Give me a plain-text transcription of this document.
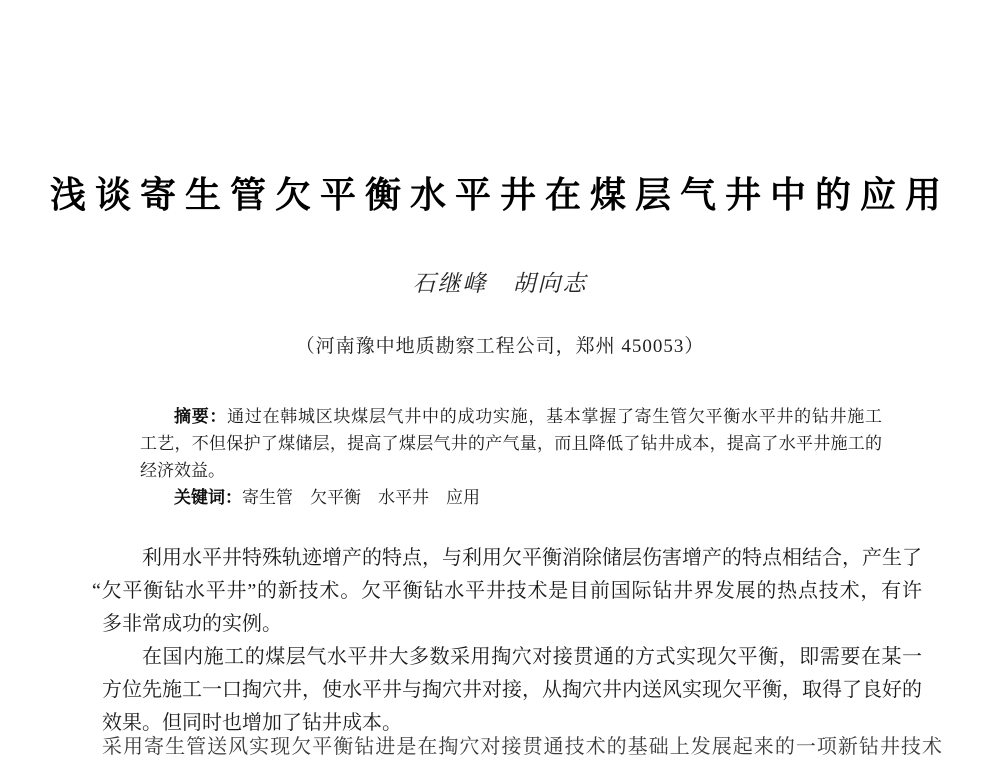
浅谈寄生管欠平衡水平井在煤层气井中的应用
石继峰　胡向志
（河南豫中地质勘察工程公司，郑州 450053）
摘要：通过在韩城区块煤层气井中的成功实施，基本掌握了寄生管欠平衡水平井的钻井施工
工艺，不但保护了煤储层，提高了煤层气井的产气量，而且降低了钻井成本，提高了水平井施工的
经济效益。
关键词：寄生管　欠平衡　水平井　应用
利用水平井特殊轨迹增产的特点，与利用欠平衡消除储层伤害增产的特点相结合，产生了
“欠平衡钻水平井”的新技术。欠平衡钻水平井技术是目前国际钻井界发展的热点技术，有许
多非常成功的实例。
在国内施工的煤层气水平井大多数采用掏穴对接贯通的方式实现欠平衡，即需要在某一
方位先施工一口掏穴井，使水平井与掏穴井对接，从掏穴井内送风实现欠平衡，取得了良好的
效果。但同时也增加了钻井成本。
采用寄生管送风实现欠平衡钻进是在掏穴对接贯通技术的基础上发展起来的一项新钻井技术
